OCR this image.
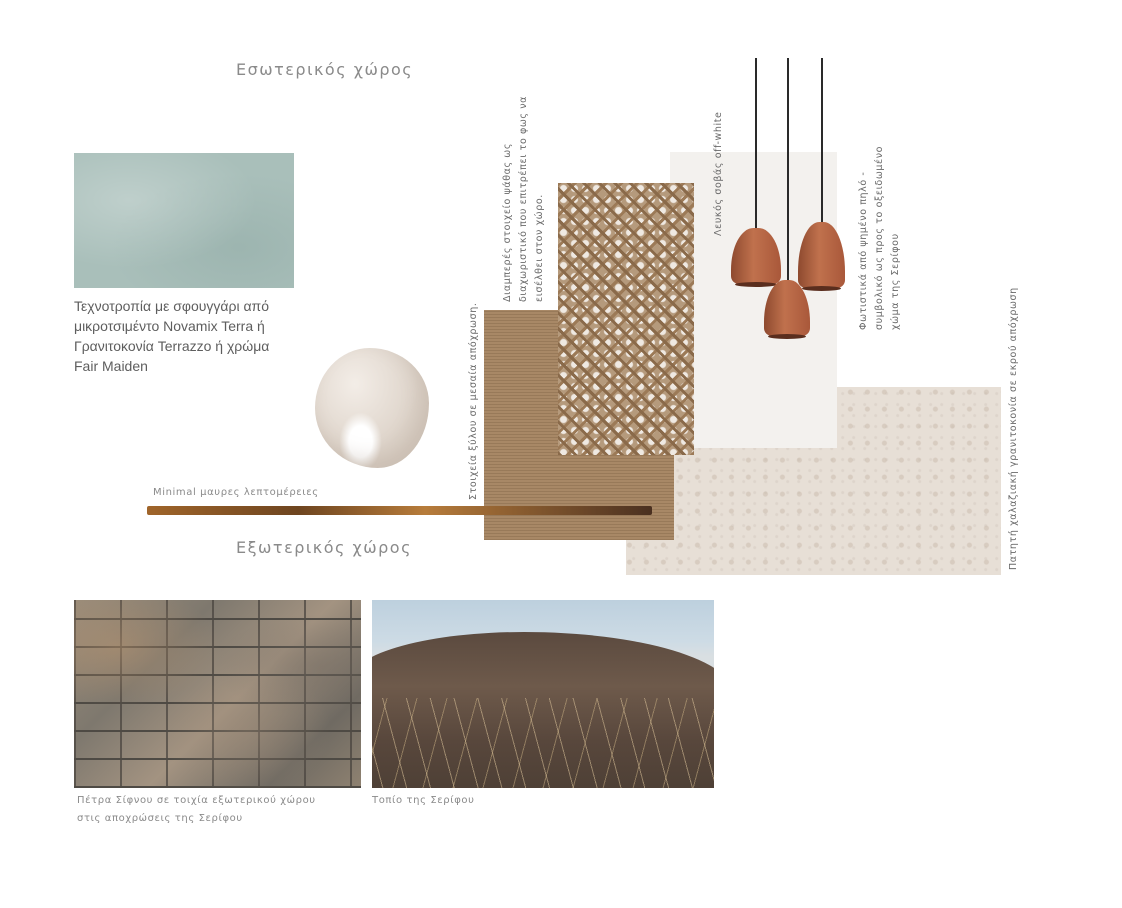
Εσωτερικός χώρος
Τεχνοτροπία με σφουγγάρι από
μικροτσιμέντο Novamix Terra ή
Γρανιτοκονία Terrazzo ή χρώμα
Fair Maiden
Minimal μαυρες λεπτομέρειες	Στοιχεία ξύλου σε μεσαία απόχρωση.
Διαμπερές στοιχείο ψάθας ως διαχωριστικό που επιτρέπει το φως να εισέλθει στον χώρο.
Λευκός σοβάς off-white	Φωτιστικά από ψημένο πηλό - συμβολικό ως προς το οξειδωμένο χώμα της Σερίφου
Πατητή χαλαζιακή γρανιτοκονία σε εκρού απόχρωση
Εξωτερικός χώρος
Πέτρα Σίφνου σε τοιχία εξωτερικού χώρου
στις αποχρώσεις της Σερίφου
Τοπίο της Σερίφου
